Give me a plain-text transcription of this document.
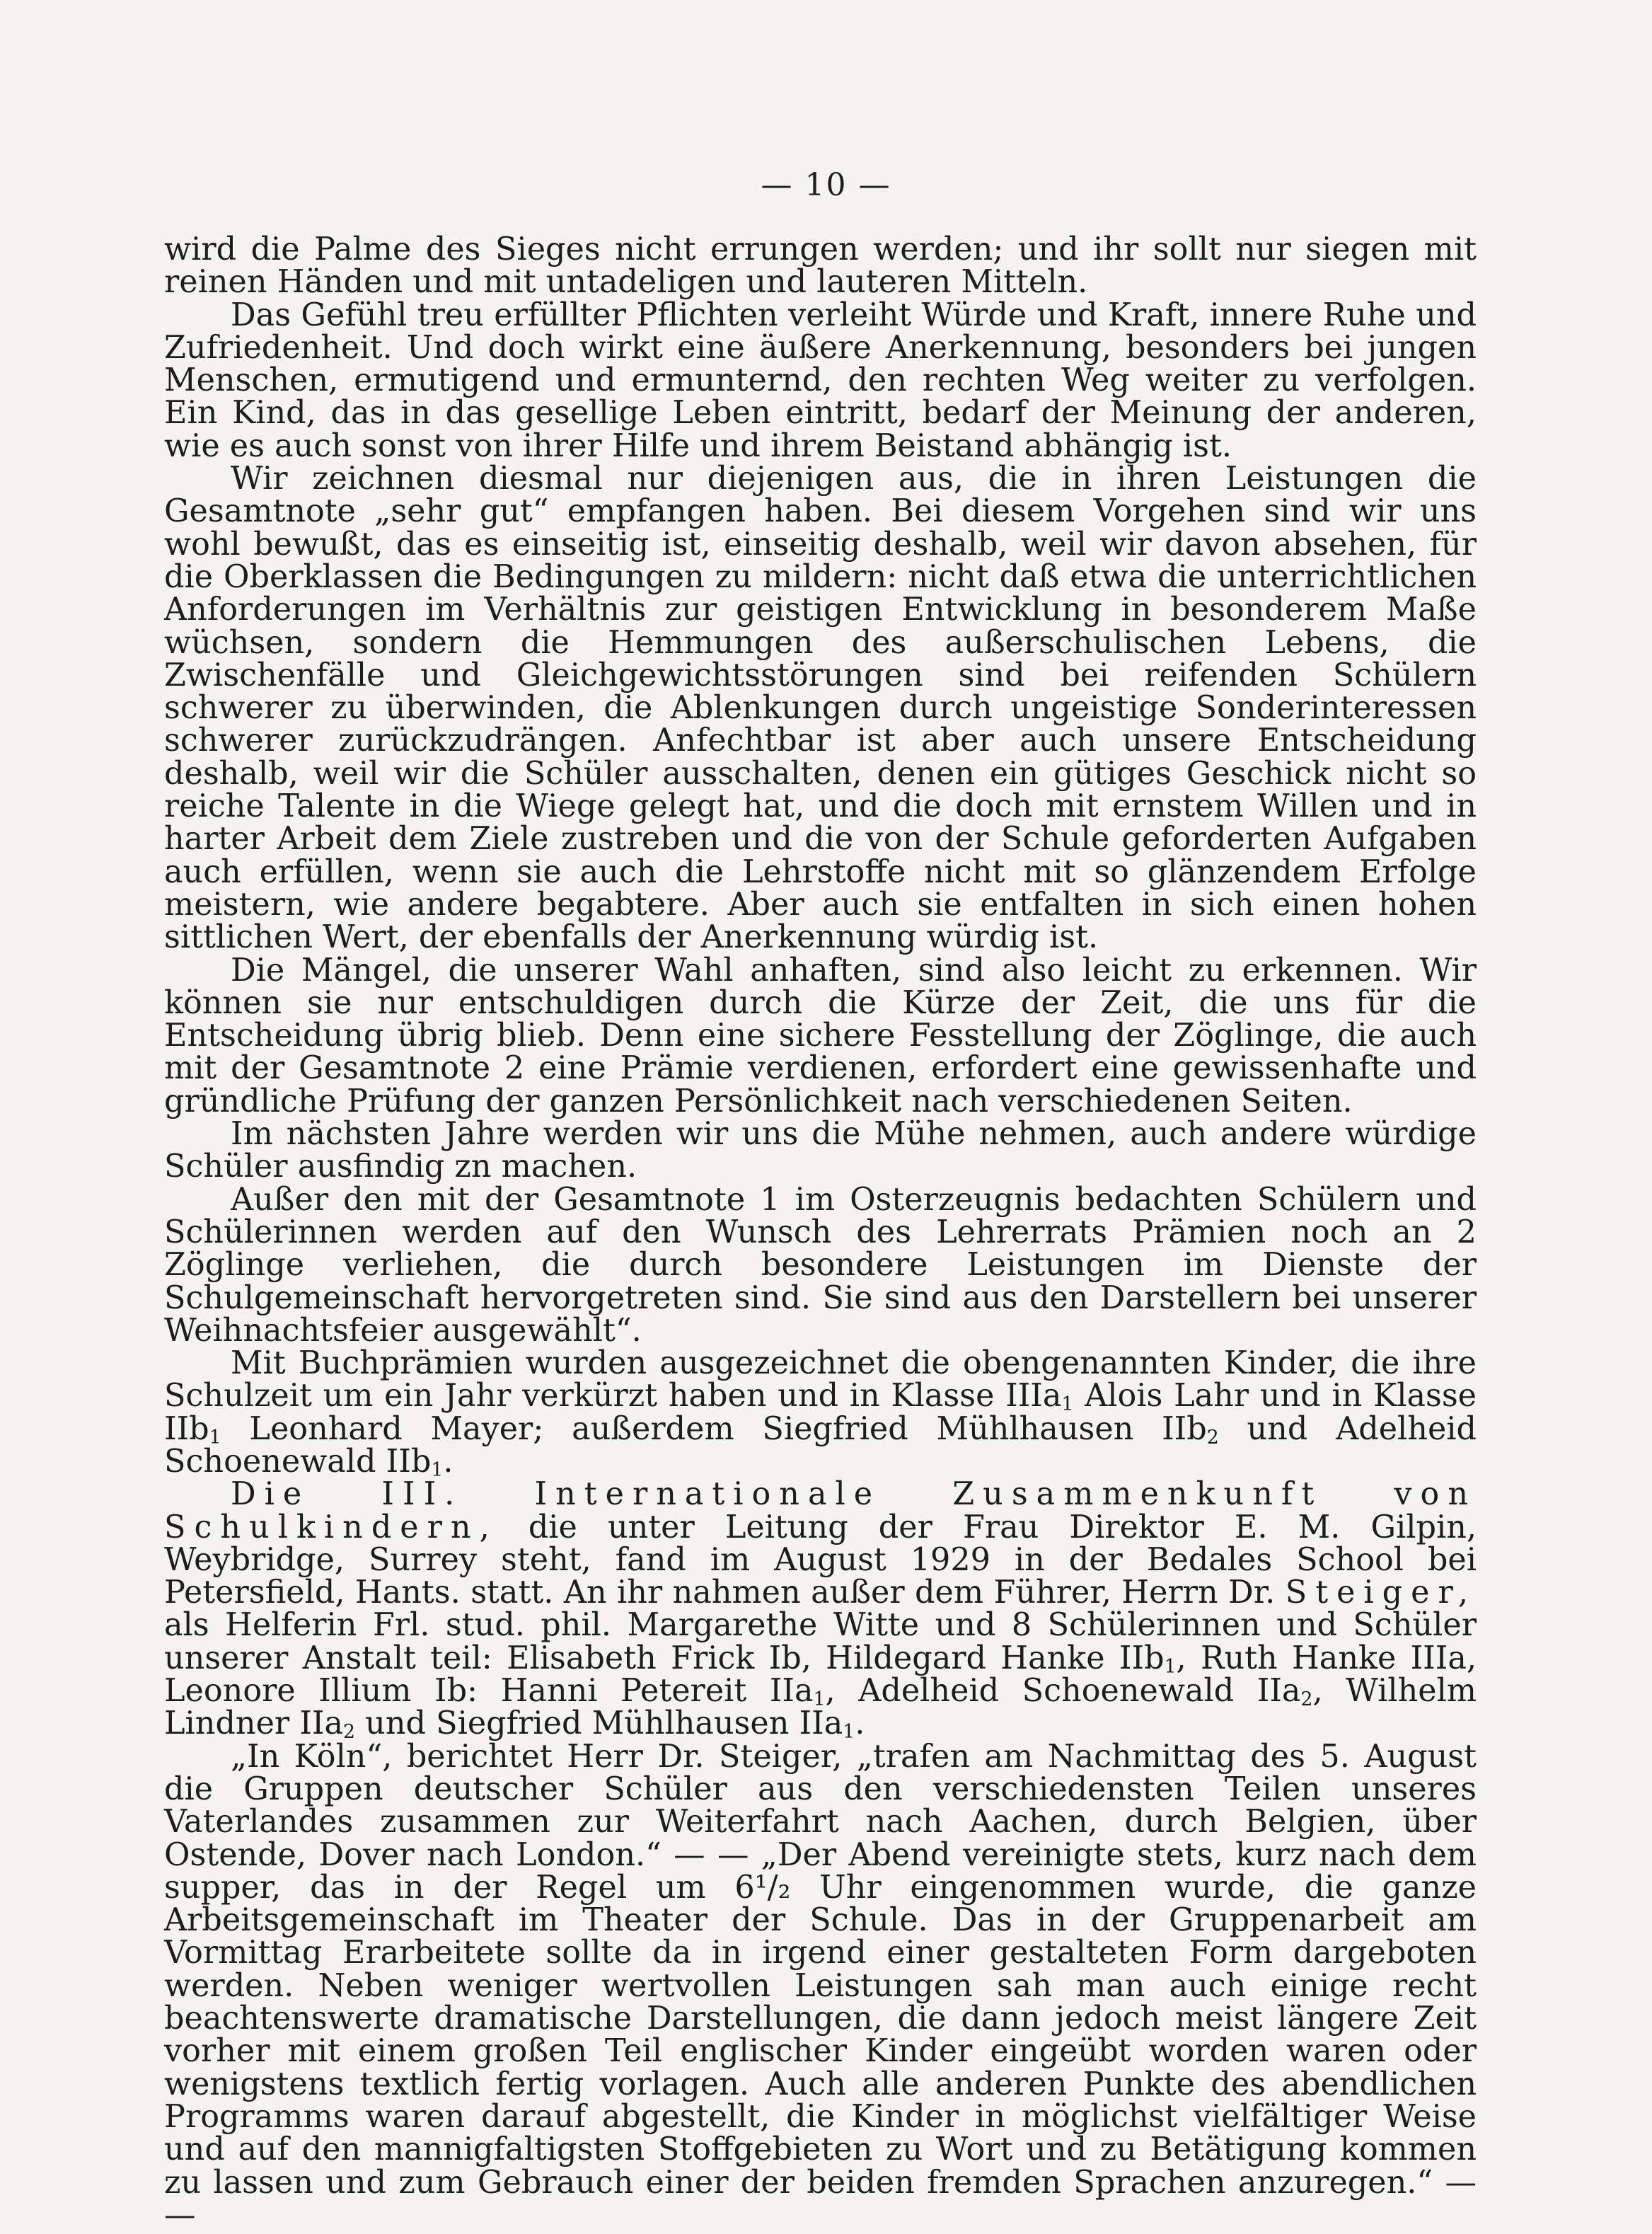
— 10 —

wird die Palme des Sieges nicht errungen werden; und ihr sollt nur siegen mit reinen Händen und mit untadeligen und lauteren Mitteln.

Das Gefühl treu erfüllter Pflichten verleiht Würde und Kraft, innere Ruhe und Zufriedenheit. Und doch wirkt eine äußere Anerkennung, besonders bei jungen Menschen, ermutigend und ermunternd, den rechten Weg weiter zu verfolgen. Ein Kind, das in das gesellige Leben eintritt, bedarf der Meinung der anderen, wie es auch sonst von ihrer Hilfe und ihrem Beistand abhängig ist.

Wir zeichnen diesmal nur diejenigen aus, die in ihren Leistungen die Gesamtnote „sehr gut“ empfangen haben. Bei diesem Vorgehen sind wir uns wohl bewußt, das es einseitig ist, einseitig deshalb, weil wir davon absehen, für die Oberklassen die Bedingungen zu mildern: nicht daß etwa die unterrichtlichen Anforderungen im Verhältnis zur geistigen Entwicklung in besonderem Maße wüchsen, sondern die Hemmungen des außerschulischen Lebens, die Zwischenfälle und Gleichgewichtsstörungen sind bei reifenden Schülern schwerer zu überwinden, die Ablenkungen durch ungeistige Sonderinteressen schwerer zurückzudrängen. Anfechtbar ist aber auch unsere Entscheidung deshalb, weil wir die Schüler ausschalten, denen ein gütiges Geschick nicht so reiche Talente in die Wiege gelegt hat, und die doch mit ernstem Willen und in harter Arbeit dem Ziele zustreben und die von der Schule geforderten Aufgaben auch erfüllen, wenn sie auch die Lehrstoffe nicht mit so glänzendem Erfolge meistern, wie andere begabtere. Aber auch sie entfalten in sich einen hohen sittlichen Wert, der ebenfalls der Anerkennung würdig ist.

Die Mängel, die unserer Wahl anhaften, sind also leicht zu erkennen. Wir können sie nur entschuldigen durch die Kürze der Zeit, die uns für die Entscheidung übrig blieb. Denn eine sichere Fesstellung der Zöglinge, die auch mit der Gesamtnote 2 eine Prämie verdienen, erfordert eine gewissenhafte und gründliche Prüfung der ganzen Persönlichkeit nach verschiedenen Seiten.

Im nächsten Jahre werden wir uns die Mühe nehmen, auch andere würdige Schüler ausfindig zn machen.

Außer den mit der Gesamtnote 1 im Osterzeugnis bedachten Schülern und Schülerinnen werden auf den Wunsch des Lehrerrats Prämien noch an 2 Zöglinge verliehen, die durch besondere Leistungen im Dienste der Schulgemeinschaft hervorgetreten sind. Sie sind aus den Darstellern bei unserer Weihnachtsfeier ausgewählt“.

Mit Buchprämien wurden ausgezeichnet die obengenannten Kinder, die ihre Schulzeit um ein Jahr verkürzt haben und in Klasse IIIa$_1$ Alois Lahr und in Klasse IIb$_1$ Leonhard Mayer; außerdem Siegfried Mühlhausen IIb$_2$ und Adelheid Schoenewald IIb$_1$.

Die III. Internationale Zusammenkunft von Schulkindern, die unter Leitung der Frau Direktor E. M. Gilpin, Weybridge, Surrey steht, fand im August 1929 in der Bedales School bei Petersfield, Hants. statt. An ihr nahmen außer dem Führer, Herrn Dr. Steiger, als Helferin Frl. stud. phil. Margarethe Witte und 8 Schülerinnen und Schüler unserer Anstalt teil: Elisabeth Frick Ib, Hildegard Hanke IIb$_1$, Ruth Hanke IIIa, Leonore Illium Ib: Hanni Petereit IIa$_1$, Adelheid Schoenewald IIa$_2$, Wilhelm Lindner IIa$_2$ und Siegfried Mühlhausen IIa$_1$.

„In Köln“, berichtet Herr Dr. Steiger, „trafen am Nachmittag des 5. August die Gruppen deutscher Schüler aus den verschiedensten Teilen unseres Vaterlandes zusammen zur Weiterfahrt nach Aachen, durch Belgien, über Ostende, Dover nach London.“ — — „Der Abend vereinigte stets, kurz nach dem supper, das in der Regel um 6¹/₂ Uhr eingenommen wurde, die ganze Arbeitsgemeinschaft im Theater der Schule. Das in der Gruppenarbeit am Vormittag Erarbeitete sollte da in irgend einer gestalteten Form dargeboten werden. Neben weniger wertvollen Leistungen sah man auch einige recht beachtenswerte dramatische Darstellungen, die dann jedoch meist längere Zeit vorher mit einem großen Teil englischer Kinder eingeübt worden waren oder wenigstens textlich fertig vorlagen. Auch alle anderen Punkte des abendlichen Programms waren darauf abgestellt, die Kinder in möglichst vielfältiger Weise und auf den mannigfaltigsten Stoffgebieten zu Wort und zu Betätigung kommen zu lassen und zum Gebrauch einer der beiden fremden Sprachen anzuregen.“ — —
